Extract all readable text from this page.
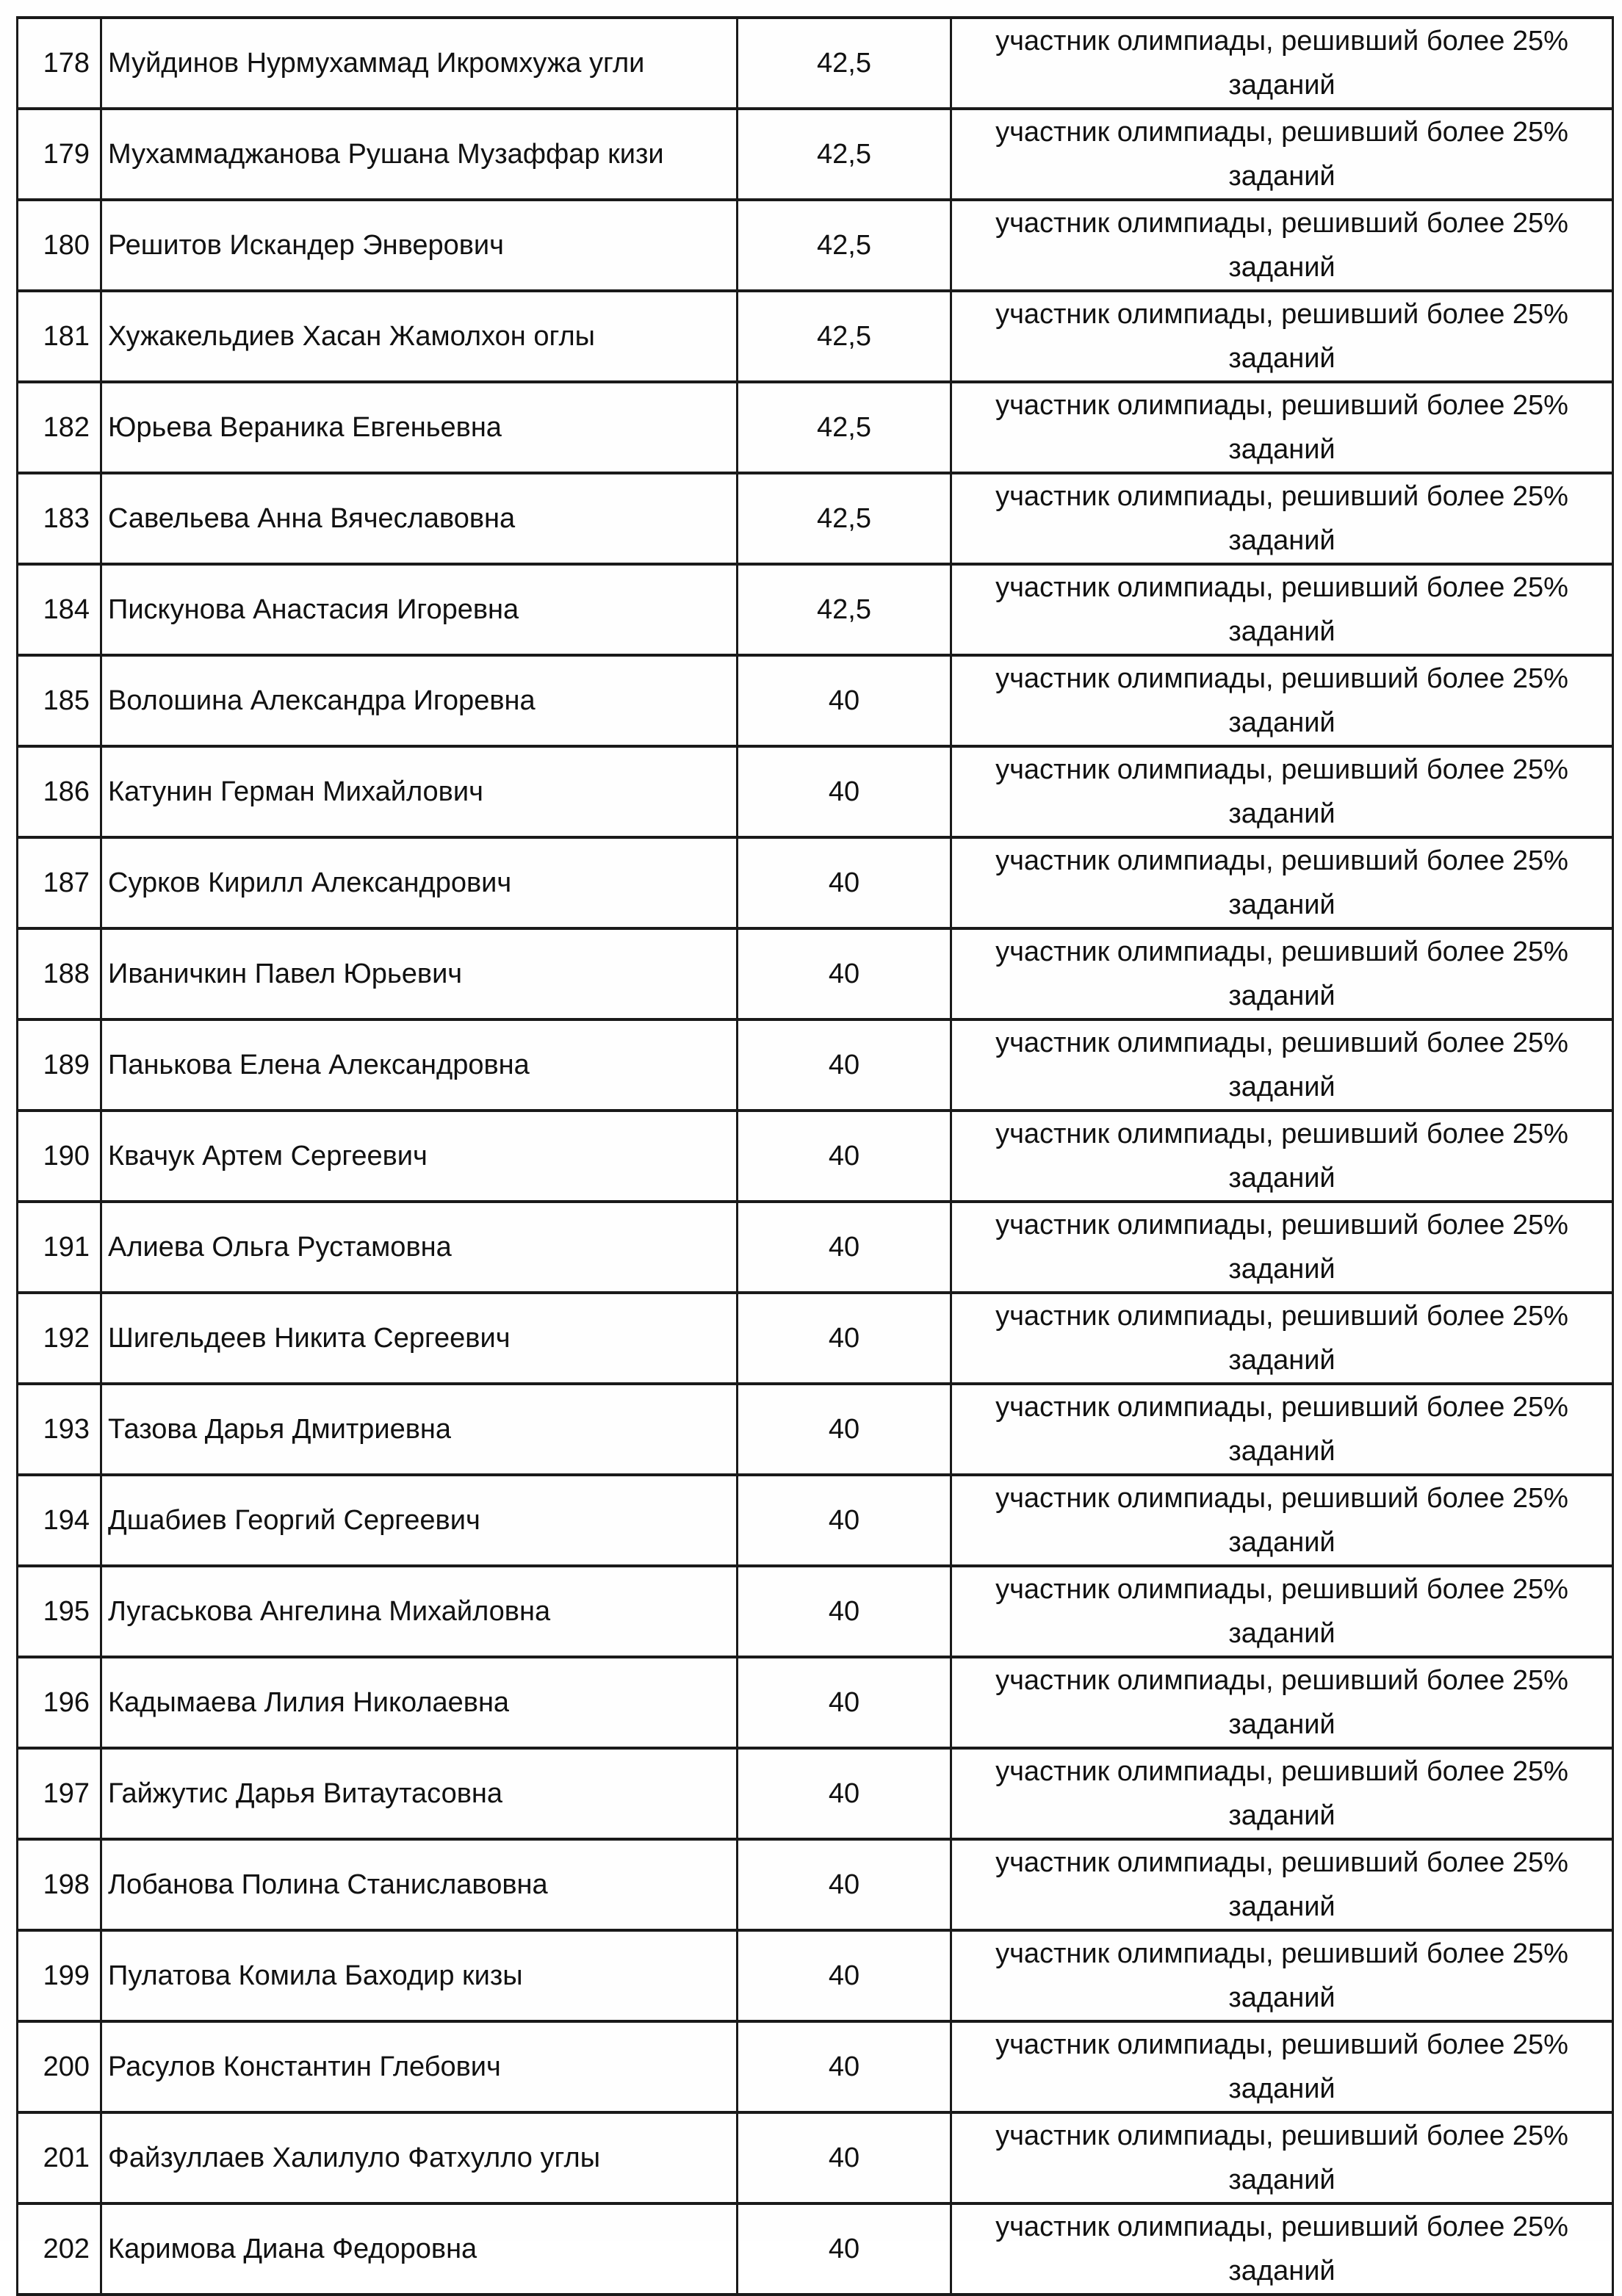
178	Муйдинов Нурмухаммад Икромхужа угли	42,5	участник олимпиады, решивший более 25%
заданий

179	Мухаммаджанова Рушана Музаффар кизи	42,5	участник олимпиады, решивший более 25%
заданий

180	Решитов Искандер Энверович	42,5	участник олимпиады, решивший более 25%
заданий

181	Хужакельдиев Хасан Жамолхон оглы	42,5	участник олимпиады, решивший более 25%
заданий

182	Юрьева Вераника Евгеньевна	42,5	участник олимпиады, решивший более 25%
заданий

183	Савельева Анна Вячеславовна	42,5	участник олимпиады, решивший более 25%
заданий

184	Пискунова Анастасия Игоревна	42,5	участник олимпиады, решивший более 25%
заданий

185	Волошина Александра Игоревна	40	участник олимпиады, решивший более 25%
заданий

186	Катунин Герман Михайлович	40	участник олимпиады, решивший более 25%
заданий

187	Сурков Кирилл Александрович	40	участник олимпиады, решивший более 25%
заданий

188	Иваничкин Павел Юрьевич	40	участник олимпиады, решивший более 25%
заданий

189	Панькова Елена Александровна	40	участник олимпиады, решивший более 25%
заданий

190	Квачук Артем Сергеевич	40	участник олимпиады, решивший более 25%
заданий

191	Алиева Ольга Рустамовна	40	участник олимпиады, решивший более 25%
заданий

192	Шигельдеев Никита Сергеевич	40	участник олимпиады, решивший более 25%
заданий

193	Тазова Дарья Дмитриевна	40	участник олимпиады, решивший более 25%
заданий

194	Дшабиев Георгий Сергеевич	40	участник олимпиады, решивший более 25%
заданий

195	Лугаськова Ангелина Михайловна	40	участник олимпиады, решивший более 25%
заданий

196	Кадымаева Лилия Николаевна	40	участник олимпиады, решивший более 25%
заданий

197	Гайжутис Дарья Витаутасовна	40	участник олимпиады, решивший более 25%
заданий

198	Лобанова Полина Станиславовна	40	участник олимпиады, решивший более 25%
заданий

199	Пулатова Комила Баходир кизы	40	участник олимпиады, решивший более 25%
заданий

200	Расулов Константин Глебович	40	участник олимпиады, решивший более 25%
заданий

201	Файзуллаев Халилуло Фатхулло углы	40	участник олимпиады, решивший более 25%
заданий

202	Каримова Диана Федоровна	40	участник олимпиады, решивший более 25%
заданий
